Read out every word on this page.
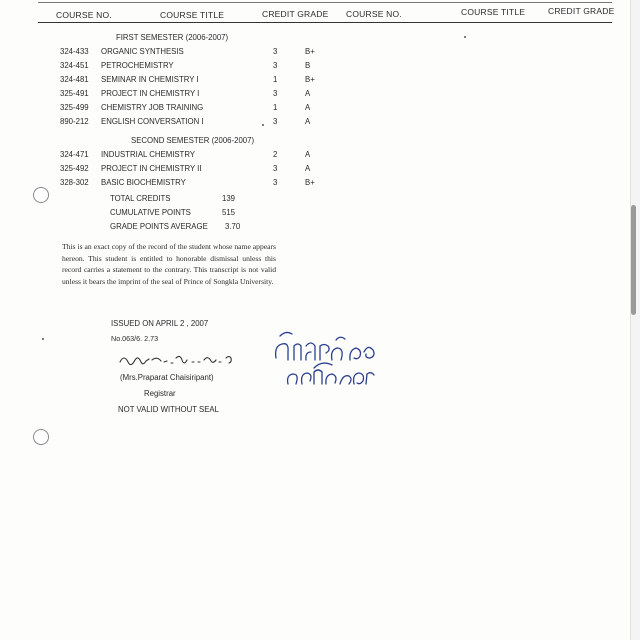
COURSE NO.	COURSE TITLE	CREDIT GRADE COURSE NO.	COURSE TITLE	CREDIT GRADE
FIRST SEMESTER (2006-2007)
324-433 ORGANIC SYNTHESIS	3	B+
324-451 PETROCHEMISTRY	3	B
324-481 SEMINAR IN CHEMISTRY I	1	B+
325-491 PROJECT IN CHEMISTRY I	3	A
325-499 CHEMISTRY JOB TRAINING	1	A
890-212 ENGLISH CONVERSATION I	3	A
SECOND SEMESTER (2006-2007)
324-471 INDUSTRIAL CHEMISTRY	2	A
325-492 PROJECT IN CHEMISTRY II	3	A
328-302 BASIC BIOCHEMISTRY	3	B+
TOTAL CREDITS	139
CUMULATIVE POINTS	515
GRADE POINTS AVERAGE 3.70
This is an exact copy of the record of the student whose name appears hereon. This student is entitled to honorable dismissal unless this record carries a statement to the contrary. This transcript is not valid unless it bears the imprint of the seal of Prince of Songkla University.
ISSUED ON APRIL 2 , 2007
No.063/6. 2.73
(Mrs.Praparat Chaisiripant)
Registrar
NOT VALID WITHOUT SEAL
